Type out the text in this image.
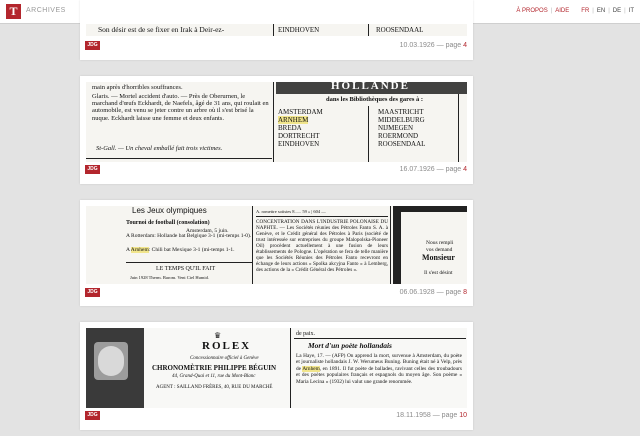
T	ARCHIVES
arnhem arnheim	À PROPOS | AIDE FR | EN | DE | IT
Son désir est de se fixer en Irak à Deir-ez-	EINDHOVEN	ROOSENDAAL
JDG	10.03.1926 — page 4
main après d'horribles souffrances.
Glaris. — Mortel accident d'auto. — Près de Oberurnen, le marchand d'œufs Eckhardt, de Naefels, âgé de 31 ans, qui roulait en automobile, est venu se jeter contre un arbre où il s'est brisé la nuque. Eckhardt laisse une femme et deux enfants.
St-Gall. — Un cheval emballé fait trois victimes.
HOLLANDE
dans les Bibliothèques des gares à :
AMSTERDAM
ARNHEM
BREDA
DORTRECHT
EINDHOVEN
MAASTRICHT
MIDDELBURG
NIJMEGEN
ROERMOND
ROOSENDAAL
JDG	16.07.1926 — page 4
Les Jeux olympiques
Tournoi de football (consolation)
Amsterdam, 5 juin.
A Rotterdam: Hollande bat Belgique 3-1 (mi-temps 1-0).
A Arnhem: Chili bat Mexique 3-1 (mi-temps 1-1.
LE TEMPS QU'IL FAIT
Juin 1928 Therm. Barom. Vent Ciel Humid.
A. romettre soiistes 8...... 59 » | 604 —
CONCENTRATION DANS L'INDUSTRIE POLONAISE DU NAPHTE. — Les Sociétés réunies des Pétroles Fanto S. A. à Genève, et le Crédit général des Pétroles à Paris (société de trust intéressée sur entreprises du groupe Malopolska-Pioneer Oil) procèdent actuellement à une fusion de leurs établissements de Pologne. L'opération se fera de telle manière que les Sociétés Réunies des Pétroles Fanto recevront en échange de leurs actions « Spolka akcyjna Fanto » à Lemberg, des actions de la « Crédit Général des Pétroles ».
Nous rempli
vos demand
Monsieur
Il s'est désint
JDG	06.06.1928 — page 8
♛
ROLEX
Concessionnaire officiel à Genève
CHRONOMÈTRIE PHILIPPE BÉGUIN
44, Grand-Quai et 11, rue du Mont-Blanc
AGENT : SAILLAND FRÈRES, 40, RUE DU MARCHÉ
de paix.
Mort d'un poète hollandais
La Haye, 17. — (AFP) On apprend la mort, survenue à Amsterdam, du poète et journaliste hollandais J. W. Werumeus Buning. Buning était né à Velp, près de Arnhem, en 1891. Il fut poète de ballades, ravivant celles des troubadours et des poètes populaires français et espagnols du moyen âge. Son poème « Maria Lecina » (1932) lui valut une grande renommée.
JDG	18.11.1958 — page 10
